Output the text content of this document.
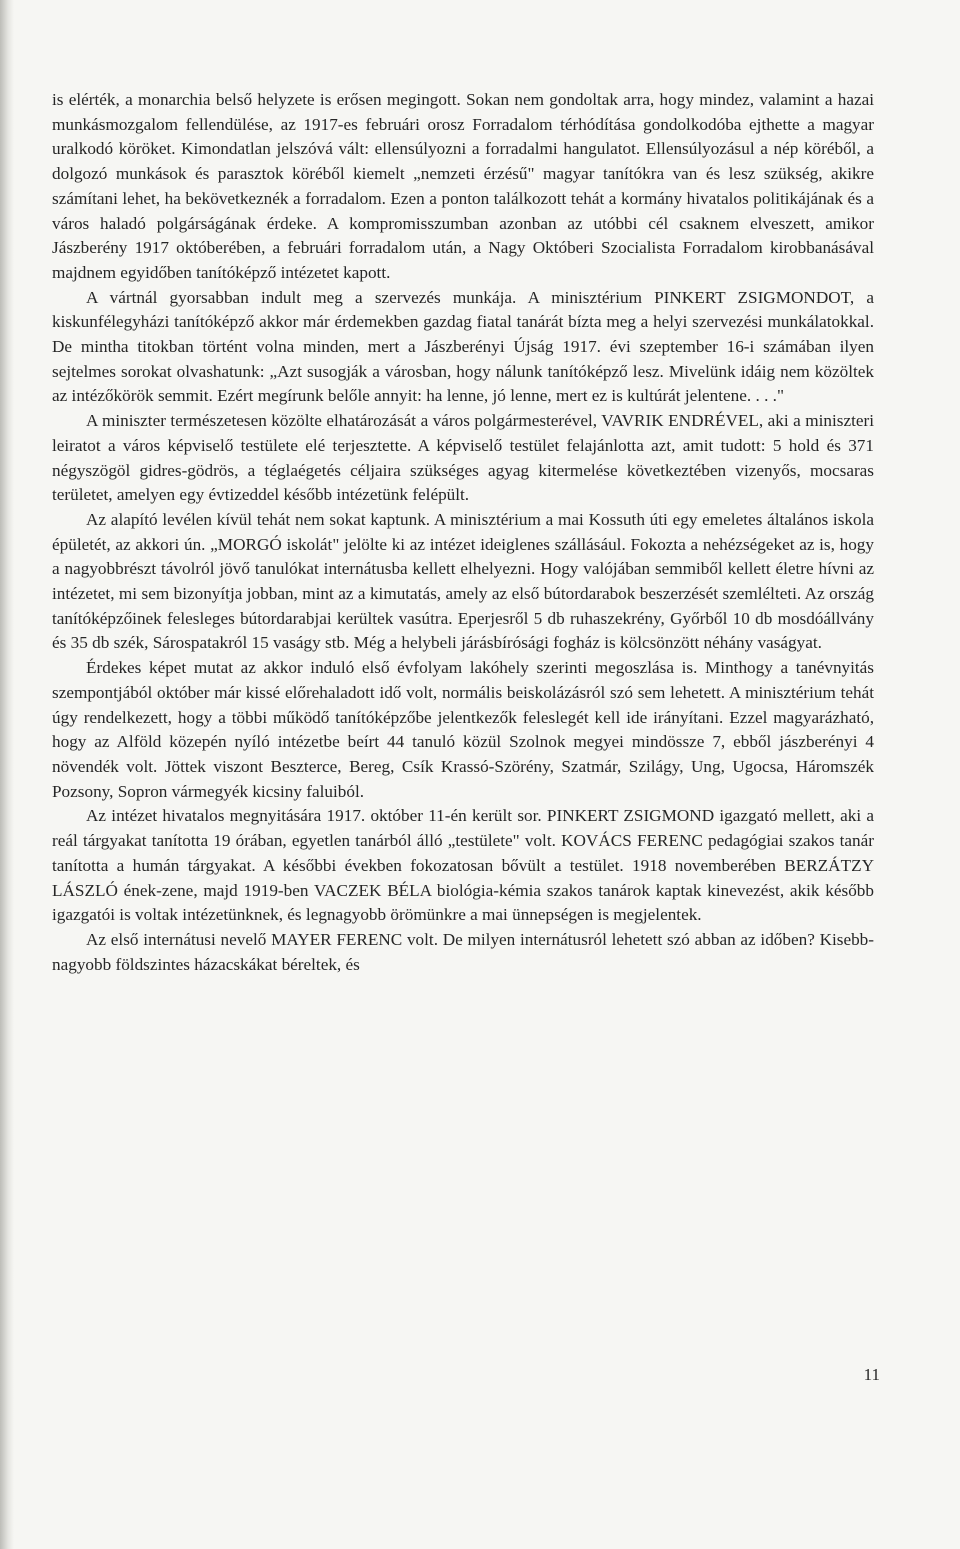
is elérték, a monarchia belső helyzete is erősen megingott. Sokan nem gondoltak arra, hogy mindez, valamint a hazai munkásmozgalom fellendülése, az 1917-es februári orosz Forradalom térhódítása gondolkodóba ejthette a magyar uralkodó köröket. Kimondatlan jelszóvá vált: ellensúlyozni a forradalmi hangulatot. Ellensúlyozásul a nép köréből, a dolgozó munkások és parasztok köréből kiemelt „nemzeti érzésű" magyar tanítókra van és lesz szükség, akikre számítani lehet, ha bekövetkeznék a forradalom. Ezen a ponton találkozott tehát a kormány hivatalos politikájának és a város haladó polgárságának érdeke. A kompromisszumban azonban az utóbbi cél csaknem elveszett, amikor Jászberény 1917 októberében, a februári forradalom után, a Nagy Októberi Szocialista Forradalom kirobbanásával majdnem egyidőben tanítóképző intézetet kapott.

A vártnál gyorsabban indult meg a szervezés munkája. A minisztérium PINKERT ZSIGMONDOT, a kiskunfélegyházi tanítóképző akkor már érdemekben gazdag fiatal tanárát bízta meg a helyi szervezési munkálatokkal. De mintha titokban történt volna minden, mert a Jászberényi Újság 1917. évi szeptember 16-i számában ilyen sejtelmes sorokat olvashatunk: „Azt susogják a városban, hogy nálunk tanítóképző lesz. Mivelünk idáig nem közöltek az intézőkörök semmit. Ezért megírunk belőle annyit: ha lenne, jó lenne, mert ez is kultúrát jelentene. . . ."

A miniszter természetesen közölte elhatározását a város polgármesterével, VAVRIK ENDRÉVEL, aki a miniszteri leiratot a város képviselő testülete elé terjesztette. A képviselő testület felajánlotta azt, amit tudott: 5 hold és 371 négyszögöl gidres-gödrös, a téglaégetés céljaira szükséges agyag kitermelése következtében vizenyős, mocsaras területet, amelyen egy évtizeddel később intézetünk felépült.

Az alapító levélen kívül tehát nem sokat kaptunk. A minisztérium a mai Kossuth úti egy emeletes általános iskola épületét, az akkori ún. „MORGÓ iskolát" jelölte ki az intézet ideiglenes szállásául. Fokozta a nehézségeket az is, hogy a nagyobbrészt távolról jövő tanulókat internátusba kellett elhelyezni. Hogy valójában semmiből kellett életre hívni az intézetet, mi sem bizonyítja jobban, mint az a kimutatás, amely az első bútordarabok beszerzését szemlélteti. Az ország tanítóképzőinek felesleges bútordarabjai kerültek vasútra. Eperjesről 5 db ruhaszekrény, Győrből 10 db mosdóállvány és 35 db szék, Sárospatakról 15 vaságy stb. Még a helybeli járásbírósági fogház is kölcsönzött néhány vaságyat.

Érdekes képet mutat az akkor induló első évfolyam lakóhely szerinti megoszlása is. Minthogy a tanévnyitás szempontjából október már kissé előrehaladott idő volt, normális beiskolázásról szó sem lehetett. A minisztérium tehát úgy rendelkezett, hogy a többi működő tanítóképzőbe jelentkezők feleslegét kell ide irányítani. Ezzel magyarázható, hogy az Alföld közepén nyíló intézetbe beírt 44 tanuló közül Szolnok megyei mindössze 7, ebből jászberényi 4 növendék volt. Jöttek viszont Beszterce, Bereg, Csík Krassó-Szörény, Szatmár, Szilágy, Ung, Ugocsa, Háromszék Pozsony, Sopron vármegyék kicsiny faluiból.

Az intézet hivatalos megnyitására 1917. október 11-én került sor. PINKERT ZSIGMOND igazgató mellett, aki a reál tárgyakat tanította 19 órában, egyetlen tanárból álló „testülete" volt. KOVÁCS FERENC pedagógiai szakos tanár tanította a humán tárgyakat. A későbbi években fokozatosan bővült a testület. 1918 novemberében BERZÁTZY LÁSZLÓ ének-zene, majd 1919-ben VACZEK BÉLA biológia-kémia szakos tanárok kaptak kinevezést, akik később igazgatói is voltak intézetünknek, és legnagyobb örömünkre a mai ünnepségen is megjelentek.

Az első internátusi nevelő MAYER FERENC volt. De milyen internátusról lehetett szó abban az időben? Kisebb-nagyobb földszintes házacskákat béreltek, és

11
